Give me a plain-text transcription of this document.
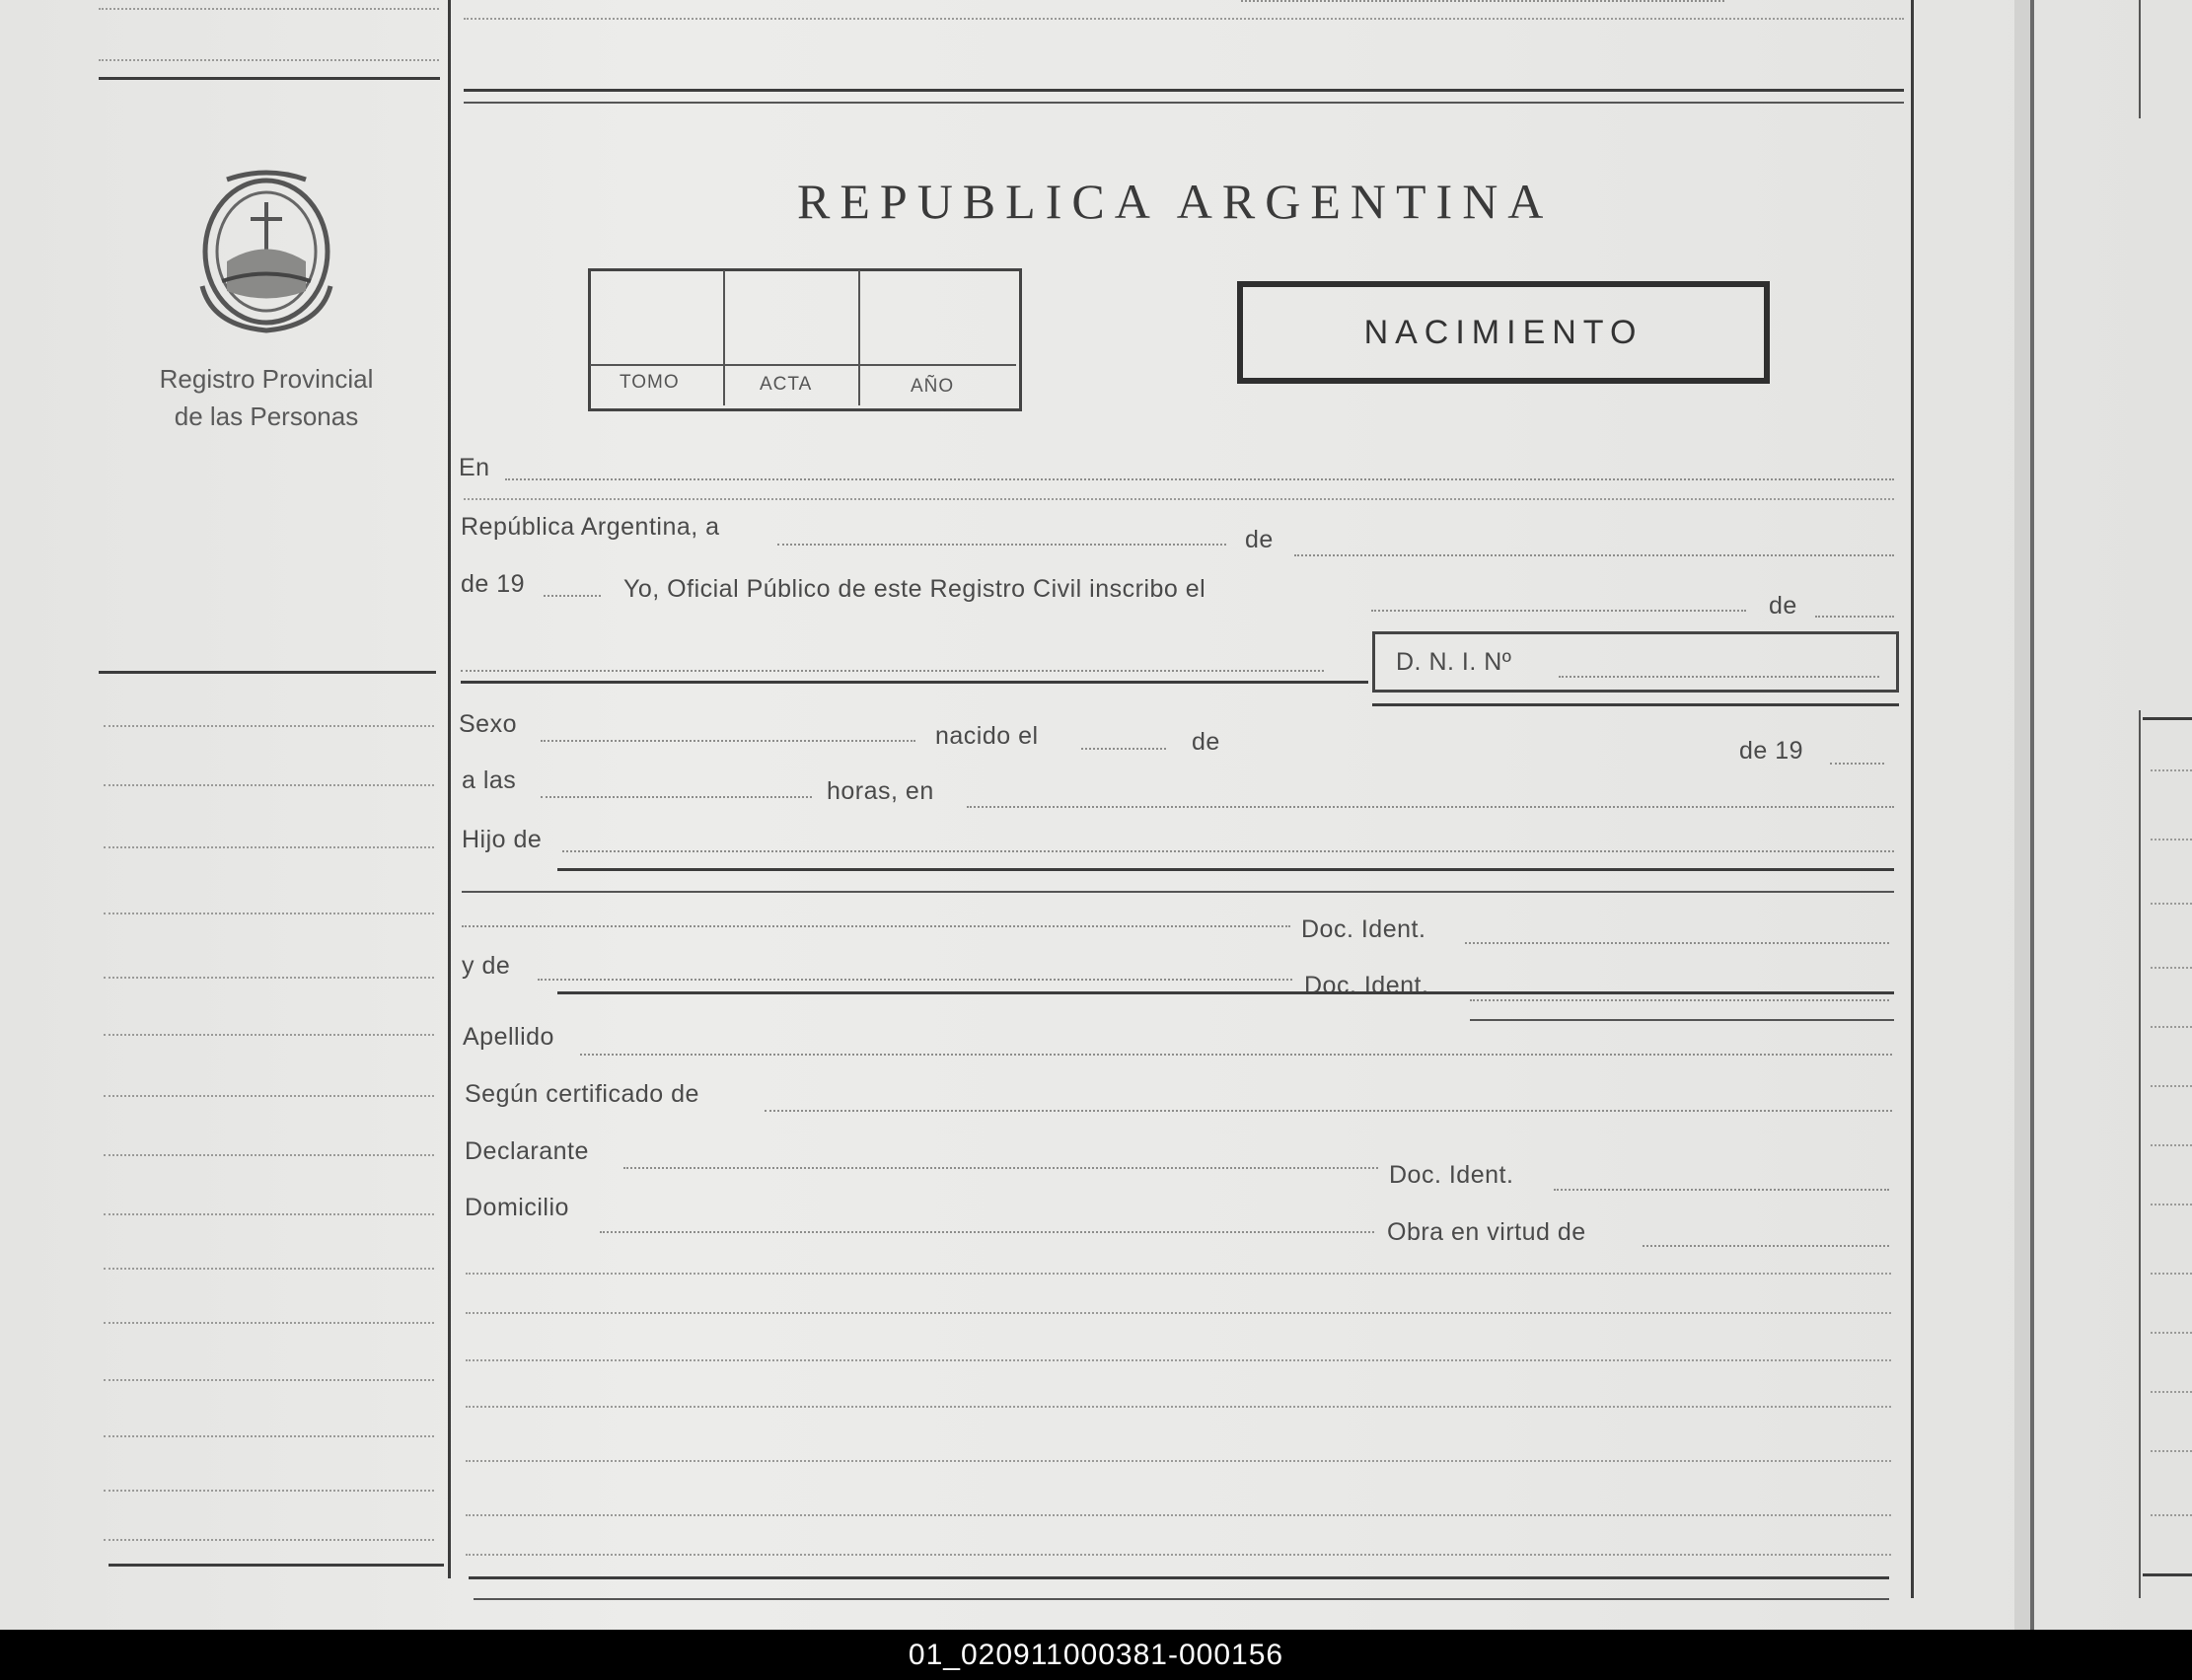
Registro Provincial
de las Personas
REPUBLICA ARGENTINA
TOMO	ACTA	AÑO
NACIMIENTO
En
República Argentina, a	de
de 19	Yo, Oficial Público de este Registro Civil inscribo el
de
D. N. I. Nº
Sexo	nacido el	de	de 19
a las	horas, en
Hijo de
Doc. Ident.
y de
Doc. Ident.
Apellido
Según certificado de
Declarante
Doc. Ident.
Domicilio
Obra en virtud de
01_020911000381-000156
